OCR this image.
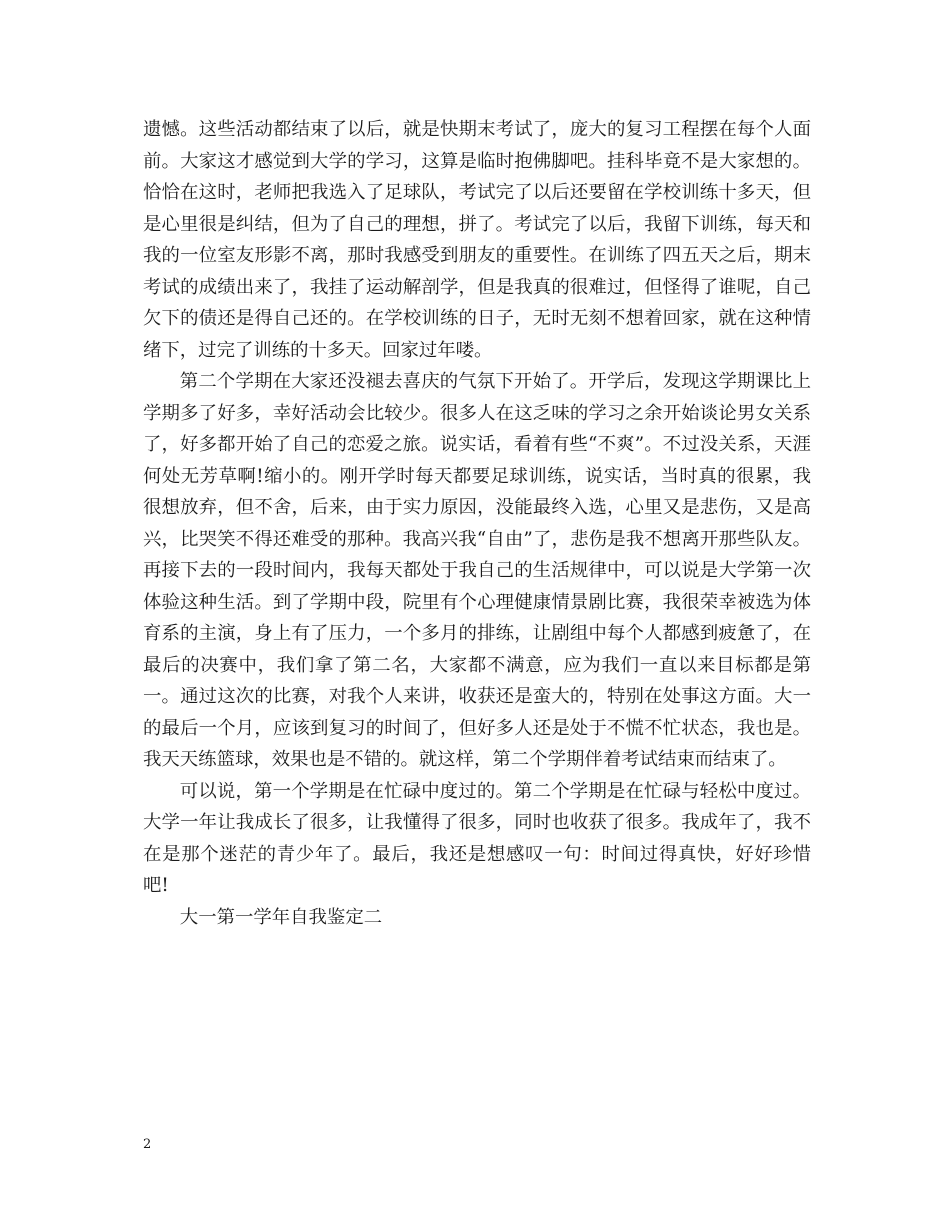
遗憾。这些活动都结束了以后，就是快期末考试了，庞大的复习工程摆在每个人面前。大家这才感觉到大学的学习，这算是临时抱佛脚吧。挂科毕竟不是大家想的。恰恰在这时，老师把我选入了足球队，考试完了以后还要留在学校训练十多天，但是心里很是纠结，但为了自己的理想，拼了。考试完了以后，我留下训练，每天和我的一位室友形影不离，那时我感受到朋友的重要性。在训练了四五天之后，期末考试的成绩出来了，我挂了运动解剖学，但是我真的很难过，但怪得了谁呢，自己欠下的债还是得自己还的。在学校训练的日子，无时无刻不想着回家，就在这种情绪下，过完了训练的十多天。回家过年喽。

第二个学期在大家还没褪去喜庆的气氛下开始了。开学后，发现这学期课比上学期多了好多，幸好活动会比较少。很多人在这乏味的学习之余开始谈论男女关系了，好多都开始了自己的恋爱之旅。说实话，看着有些“不爽”。不过没关系，天涯何处无芳草啊!缩小的。刚开学时每天都要足球训练，说实话，当时真的很累，我很想放弃，但不舍，后来，由于实力原因，没能最终入选，心里又是悲伤，又是高兴，比哭笑不得还难受的那种。我高兴我“自由”了，悲伤是我不想离开那些队友。再接下去的一段时间内，我每天都处于我自己的生活规律中，可以说是大学第一次体验这种生活。到了学期中段，院里有个心理健康情景剧比赛，我很荣幸被选为体育系的主演，身上有了压力，一个多月的排练，让剧组中每个人都感到疲惫了，在最后的决赛中，我们拿了第二名，大家都不满意，应为我们一直以来目标都是第一。通过这次的比赛，对我个人来讲，收获还是蛮大的，特别在处事这方面。大一的最后一个月，应该到复习的时间了，但好多人还是处于不慌不忙状态，我也是。我天天练篮球，效果也是不错的。就这样，第二个学期伴着考试结束而结束了。

可以说，第一个学期是在忙碌中度过的。第二个学期是在忙碌与轻松中度过。大学一年让我成长了很多，让我懂得了很多，同时也收获了很多。我成年了，我不在是那个迷茫的青少年了。最后，我还是想感叹一句：时间过得真快，好好珍惜吧!

大一第一学年自我鉴定二

2
